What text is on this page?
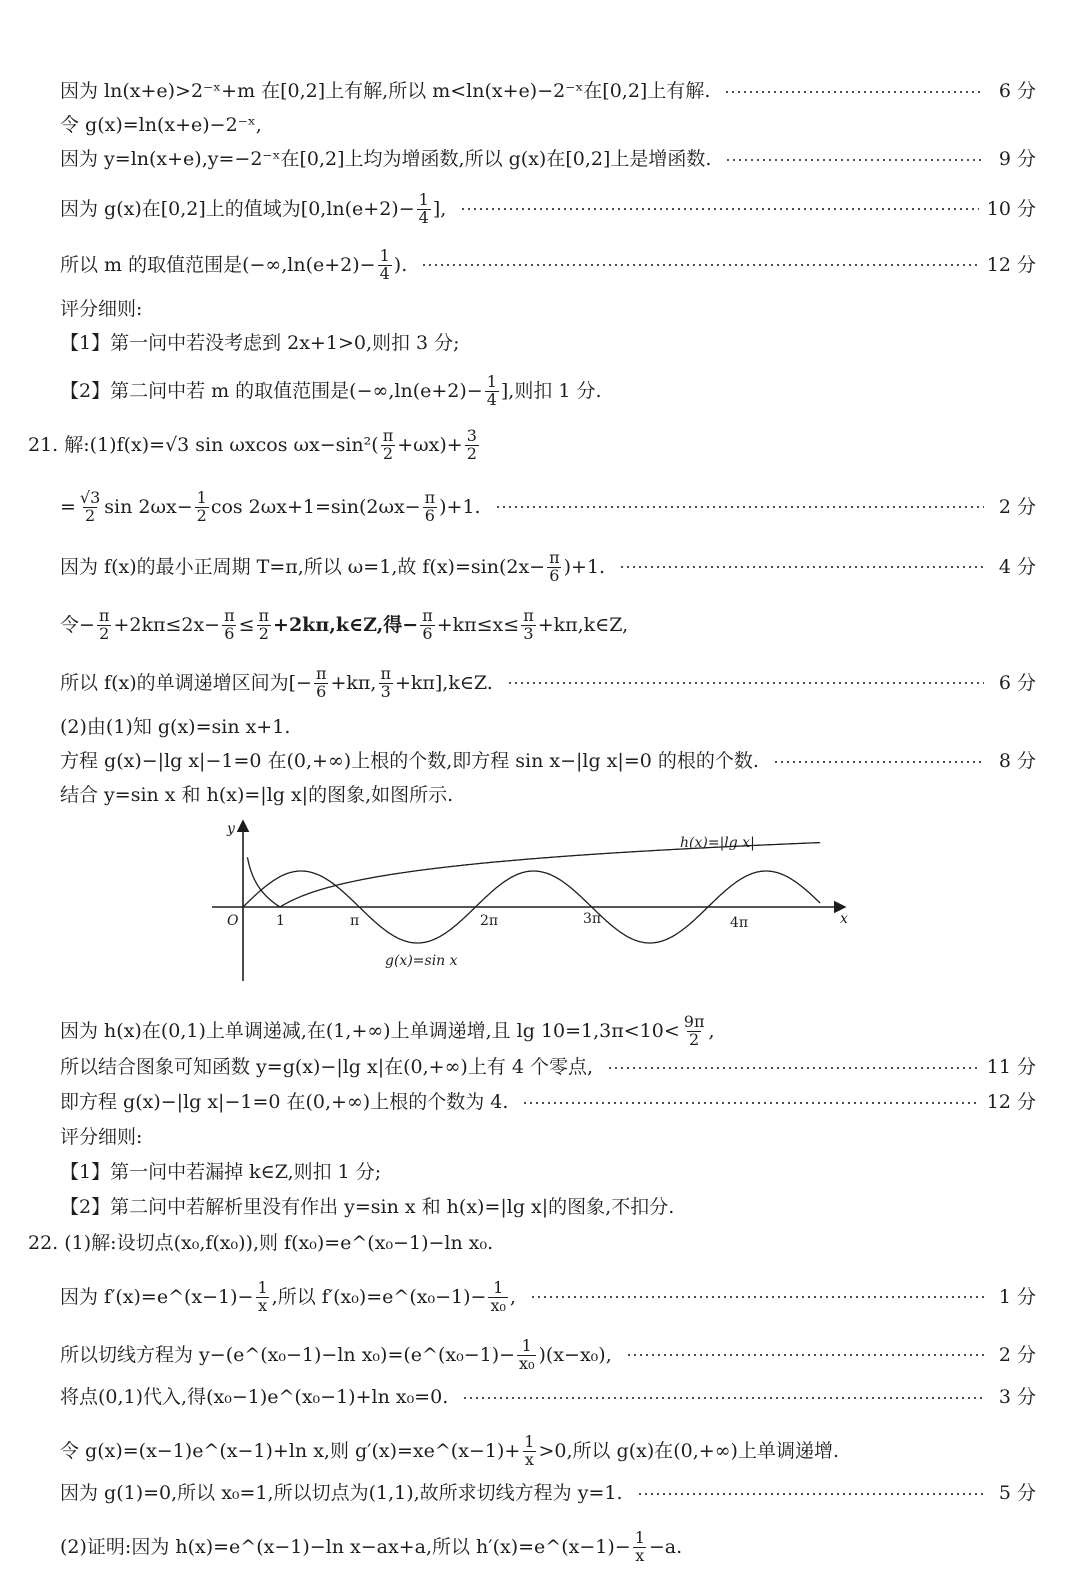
因为 ln(x+e)>2⁻ˣ+m 在[0,2]上有解,所以 m<ln(x+e)−2⁻ˣ在[0,2]上有解.	6 分
令 g(x)=ln(x+e)−2⁻ˣ,
因为 y=ln(x+e),y=−2⁻ˣ在[0,2]上均为增函数,所以 g(x)在[0,2]上是增函数.	9 分
因为 g(x)在[0,2]上的值域为[$0,\ln(e+2)- \frac{1}{4}$ ],	10 分
所以 m 的取值范围是($-\infty,\ln(e+2)- \frac{1}{4}$ ).	12 分
评分细则:
【1】第一问中若没考虑到 2x+1>0,则扣 3 分;
【2】第二问中若 m 的取值范围是($-\infty,\ln(e+2)- \frac{1}{4}$ ],则扣 1 分.
21. 解:(1)f(x)=√3 sin ωxcos $\omega x-\sin^2( \frac{\pi}{2} +\omega x)+ \frac{3}{2}$
= $\frac{√3}{2}$ $\sin 2\omega x- \frac{1}{2}$ $\cos 2\omega x+1=\sin(2\omega x- \frac{\pi}{6} )+1$.	2 分
因为 f(x)的最小正周期 T=π,所以 ω=1,故 $f(x)=\sin(2x- \frac{\pi}{6} )+1$.	4 分
令− $\frac{\pi}{2} +2k\pi\le 2x- \frac{\pi}{6} \le \frac{\pi}{2}$ +2kπ,k∈Z,得− $\frac{\pi}{6} +k\pi\le x\le \frac{\pi}{3}$ +kπ,k∈Z,
所以 f(x)的单调递增区间为[− $\frac{\pi}{6} +k\pi$, $\frac{\pi}{3}$ +kπ],k∈Z.	6 分
(2)由(1)知 g(x)=sin x+1.
方程 g(x)−|lg x|−1=0 在(0,+∞)上根的个数,即方程 sin x−|lg x|=0 的根的个数.	8 分
结合 y=sin x 和 h(x)=|lg x|的图象,如图所示.
y
x
O	1	π	2π	3π	4π
h(x)=|lg x|
g(x)=sin x
因为 h(x)在(0,1)上单调递减,在(1,+∞)上单调递增,且 $\lg 10=1,3\pi<10< \frac{9\pi}{2}$ ,
所以结合图象可知函数 y=g(x)−|lg x|在(0,+∞)上有 4 个零点,	11 分
即方程 g(x)−|lg x|−1=0 在(0,+∞)上根的个数为 4.	12 分
评分细则:
【1】第一问中若漏掉 k∈Z,则扣 1 分;
【2】第二问中若解析里没有作出 y=sin x 和 h(x)=|lg x|的图象,不扣分.
22. (1)解:设切点(x₀,f(x₀)),则 f(x₀)=e^(x₀−1)−ln x₀.
因为 f′(x)=e^(x−1)− $\frac{1}{x}$ ,所以 f′(x₀)=e^(x₀−1)− $\frac{1}{\text{x₀}}$ ,	1 分
所以切线方程为 y−(e^(x₀−1)−ln x₀)=(e^(x₀−1)− $\frac{1}{\text{x₀}} )(x-x_0)$,	2 分
将点(0,1)代入,得(x₀−1)e^(x₀−1)+ln x₀=0.	3 分
令 g(x)=(x−1)e^(x−1)+ln x,则 g′(x)=xe^(x−1)+ $\frac{1}{x} >0$,所以 g(x)在(0,+∞)上单调递增.
因为 g(1)=0,所以 x₀=1,所以切点为(1,1),故所求切线方程为 y=1.	5 分
(2)证明:因为 h(x)=e^(x−1)−ln x−ax+a,所以 h′(x)=e^(x−1)− $\frac{1}{x} -a$.
